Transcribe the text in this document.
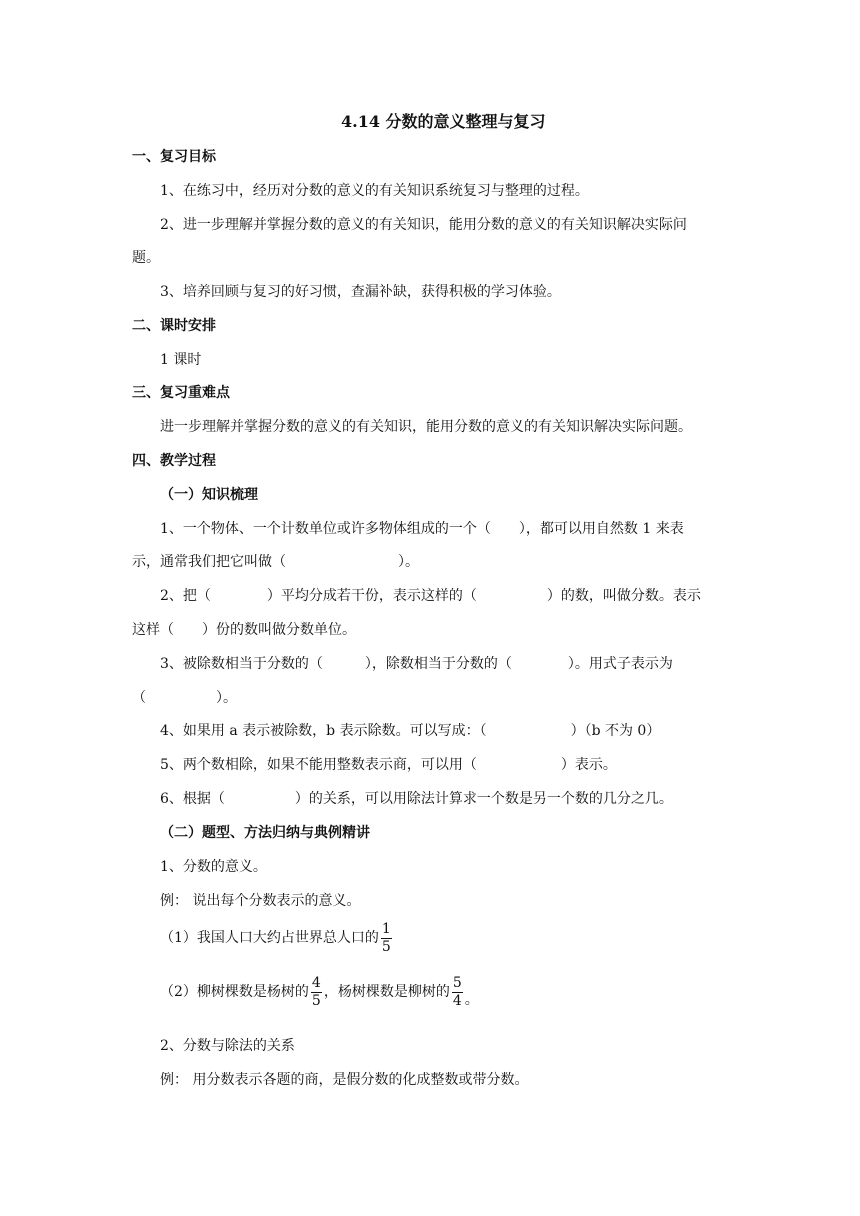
4.14 分数的意义整理与复习
一、复习目标
1、在练习中，经历对分数的意义的有关知识系统复习与整理的过程。
2、进一步理解并掌握分数的意义的有关知识，能用分数的意义的有关知识解决实际问
题。
3、培养回顾与复习的好习惯，查漏补缺，获得积极的学习体验。
二、课时安排
1 课时
三、复习重难点
进一步理解并掌握分数的意义的有关知识，能用分数的意义的有关知识解决实际问题。
四、教学过程
（一）知识梳理
1、一个物体、一个计数单位或许多物体组成的一个（　　），都可以用自然数 1 来表
示，通常我们把它叫做（　　　　　　　　）。
2、把（　　　　）平均分成若干份，表示这样的（　　　　　）的数，叫做分数。表示
这样（　　）份的数叫做分数单位。
3、被除数相当于分数的（　　　），除数相当于分数的（　　　　）。用式子表示为
（　　　　　）。
4、如果用 a 表示被除数，b 表示除数。可以写成：（　　　　　　）（b 不为 0）
5、两个数相除，如果不能用整数表示商，可以用（　　　　　　）表示。
6、根据（　　　　　）的关系，可以用除法计算求一个数是另一个数的几分之几。
（二）题型、方法归纳与典例精讲
1、分数的意义。
例： 说出每个分数表示的意义。
（1）我国人口大约占世界总人口的 $\frac{1}{5}$
（2）柳树棵数是杨树的 $\frac{4}{5}$ ，杨树棵数是柳树的 $\frac{5}{4}$ 。
2、分数与除法的关系
例： 用分数表示各题的商，是假分数的化成整数或带分数。
